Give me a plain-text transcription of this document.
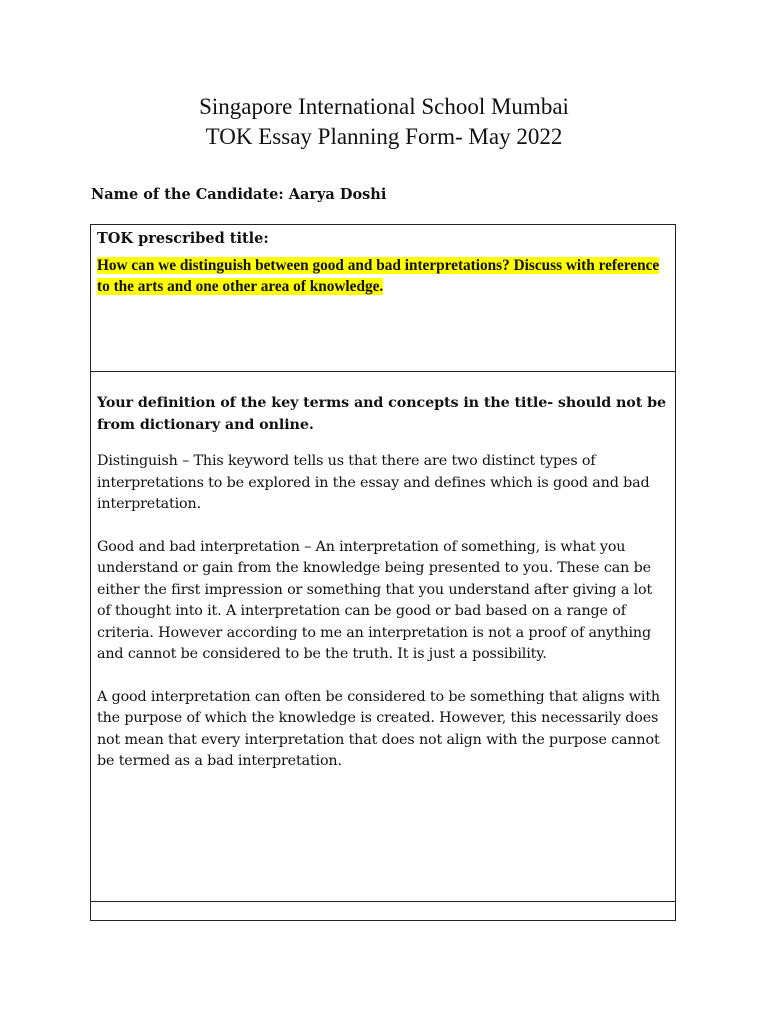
Singapore International School Mumbai
TOK Essay Planning Form- May 2022
Name of the Candidate: Aarya Doshi

TOK prescribed title:

How can we distinguish between good and bad interpretations? Discuss with reference to the arts and one other area of knowledge.

Your definition of the key terms and concepts in the title- should not be from dictionary and online.

Distinguish – This keyword tells us that there are two distinct types of interpretations to be explored in the essay and defines which is good and bad interpretation.

Good and bad interpretation – An interpretation of something, is what you understand or gain from the knowledge being presented to you. These can be either the first impression or something that you understand after giving a lot of thought into it. A interpretation can be good or bad based on a range of criteria. However according to me an interpretation is not a proof of anything and cannot be considered to be the truth. It is just a possibility.

A good interpretation can often be considered to be something that aligns with the purpose of which the knowledge is created. However, this necessarily does not mean that every interpretation that does not align with the purpose cannot be termed as a bad interpretation.
